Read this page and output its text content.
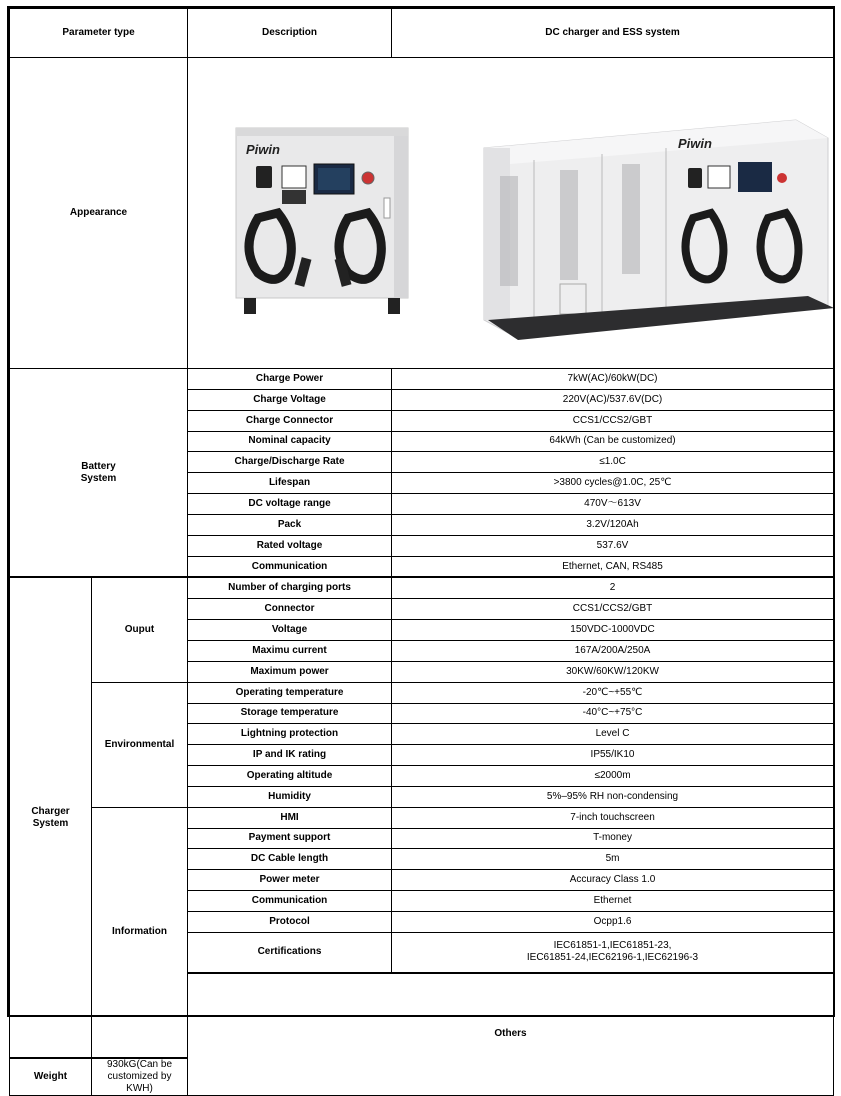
Parameter type		Description	DC charger and ESS system	
Appearance		Piwin Piwin		

Battery
System		Charge Power	7kW(AC)/60kW(DC)	
		Charge Voltage	220V(AC)/537.6V(DC)	
		Charge Connector	CCS1/CCS2/GBT	
		Nominal capacity	64kWh (Can be customized)	
		Charge/Discharge Rate	≤1.0C	
		Lifespan	>3800 cycles@1.0C, 25℃	
		DC voltage range	470V～613V	
		Pack	3.2V/120Ah	
		Rated voltage	537.6V	
		Communication	Ethernet, CAN, RS485	
Charger
System	Ouput	Number of charging ports	2	
		Connector	CCS1/CCS2/GBT	
		Voltage	150VDC-1000VDC	
		Maximu current	167A/200A/250A	
		Maximum power	30KW/60KW/120KW	
	Environmental	Operating temperature	-20℃~+55℃	
		Storage temperature	-40°C~+75°C	
		Lightning protection	Level C	
		IP and IK rating	IP55/IK10	
		Operating altitude	≤2000m	
		Humidity	5%–95% RH non-condensing	
	Information	HMI	7-inch touchscreen	
		Payment support	T-money	
		DC Cable length	5m	
		Power meter	Accuracy Class 1.0	
		Communication	Ethernet	
		Protocol	Ocpp1.6	
		Certifications	IEC61851-1,IEC61851-23,
IEC61851-24,IEC62196-1,IEC62196-3	
		Others		
Weight	930kG(Can be customized by KWH)			
